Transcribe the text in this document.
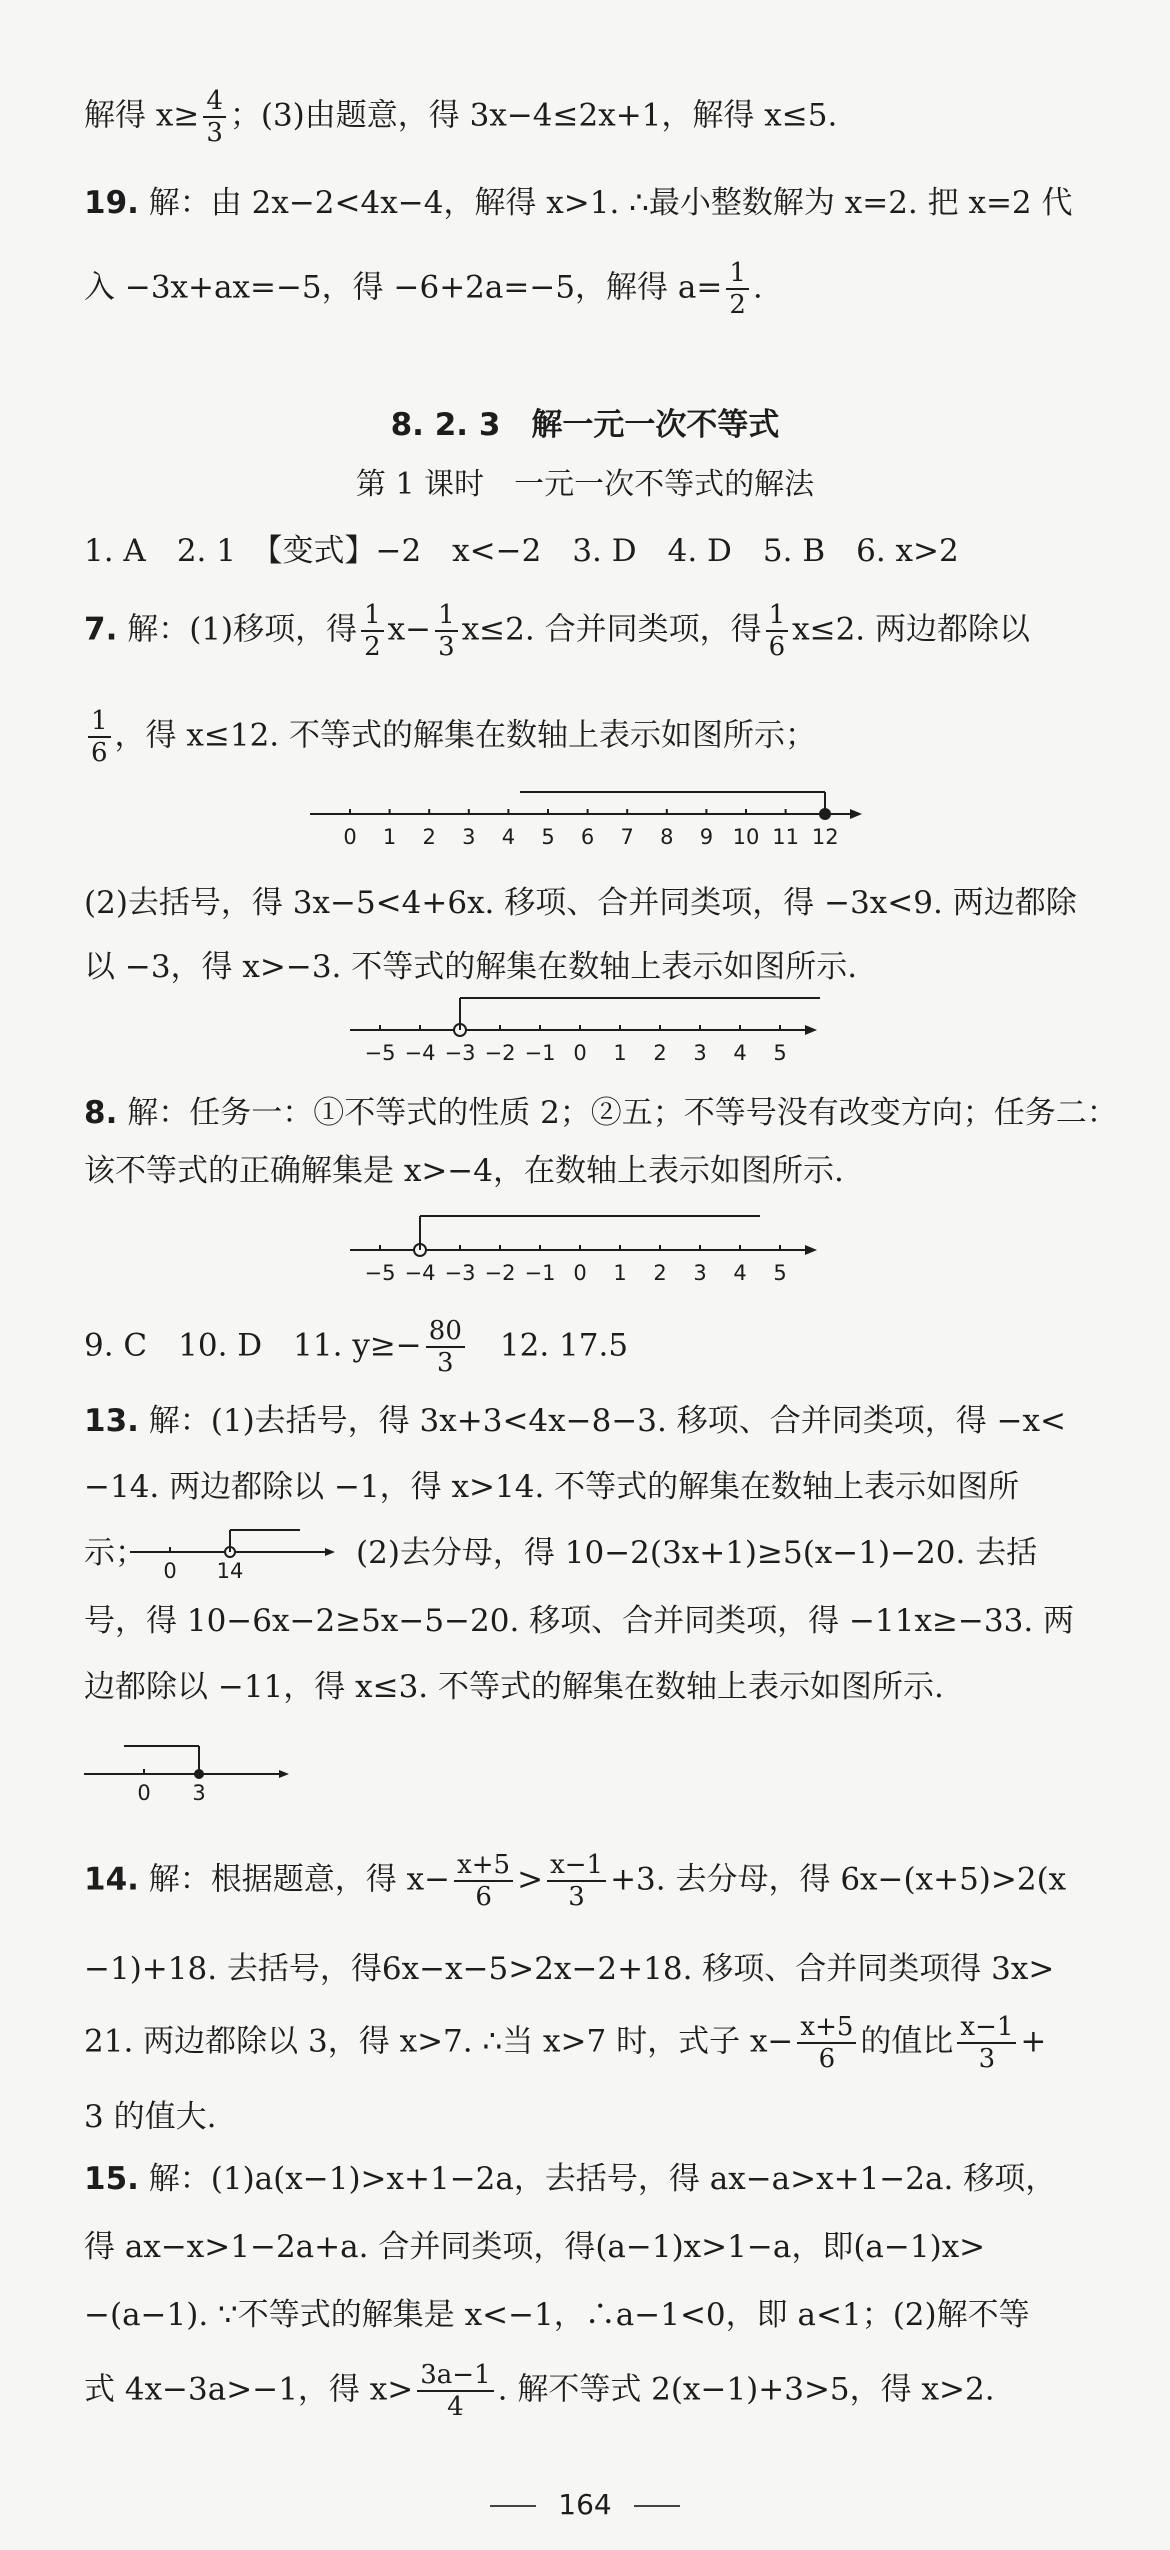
解得 $x\ge \frac{4}{3}$ ；(3)由题意，得 3x−4≤2x+1，解得 x≤5.
19. 解：由 2x−2<4x−4，解得 x>1. ∴最小整数解为 x=2. 把 x=2 代
入 −3x+ax=−5，得 −6+2a=−5，解得 $a= \frac{1}{2}$ .
8. 2. 3　解一元一次不等式
第 1 课时　一元一次不等式的解法
1. A　2. 1　【变式】−2　x<−2　3. D　4. D　5. B　6. x>2
7. 解：(1)移项，得 $\frac{1}{2} x- \frac{1}{3} x\le 2$. 合并同类项，得 $\frac{1}{6} x\le 2$. 两边都除以
$\frac{1}{6}$ ，得 x≤12. 不等式的解集在数轴上表示如图所示；
0 1 2 3 4 5 6 7 8 9 10 11 12
(2)去括号，得 3x−5<4+6x. 移项、合并同类项，得 −3x<9. 两边都除
以 −3，得 x>−3. 不等式的解集在数轴上表示如图所示.
−5 −4 −3 −2 −1 0 1 2 3 4 5
8. 解：任务一：①不等式的性质 2；②五；不等号没有改变方向；任务二：
该不等式的正确解集是 x>−4，在数轴上表示如图所示.
−5 −4 −3 −2 −1 0 1 2 3 4 5
9. C　10. D　11. $y\ge- \frac{80}{3}$ 　12. 17.5
13. 解：(1)去括号，得 3x+3<4x−8−3. 移项、合并同类项，得 −x<
−14. 两边都除以 −1，得 x>14. 不等式的解集在数轴上表示如图所
示；	(2)去分母，得 10−2(3x+1)≥5(x−1)−20. 去括
0 14
号，得 10−6x−2≥5x−5−20. 移项、合并同类项，得 −11x≥−33. 两
边都除以 −11，得 x≤3. 不等式的解集在数轴上表示如图所示.
0 3
14. 解：根据题意，得 $x- \frac{x+5}{6} > \frac{x-1}{3} +3$. 去分母，得 6x−(x+5)>2(x
−1)+18. 去括号，得6x−x−5>2x−2+18. 移项、合并同类项得 3x>
21. 两边都除以 3，得 x>7. ∴当 x>7 时，式子 $x- \frac{x+5}{6}$ 的值比 $\frac{x-1}{3}$ +
3 的值大.
15. 解：(1)a(x−1)>x+1−2a，去括号，得 ax−a>x+1−2a. 移项，
得 ax−x>1−2a+a. 合并同类项，得(a−1)x>1−a，即(a−1)x>
−(a−1). ∵不等式的解集是 x<−1，∴a−1<0，即 a<1；(2)解不等
式 4x−3a>−1，得 $x> \frac{3a-1}{4}$ . 解不等式 2(x−1)+3>5，得 x>2.
164
